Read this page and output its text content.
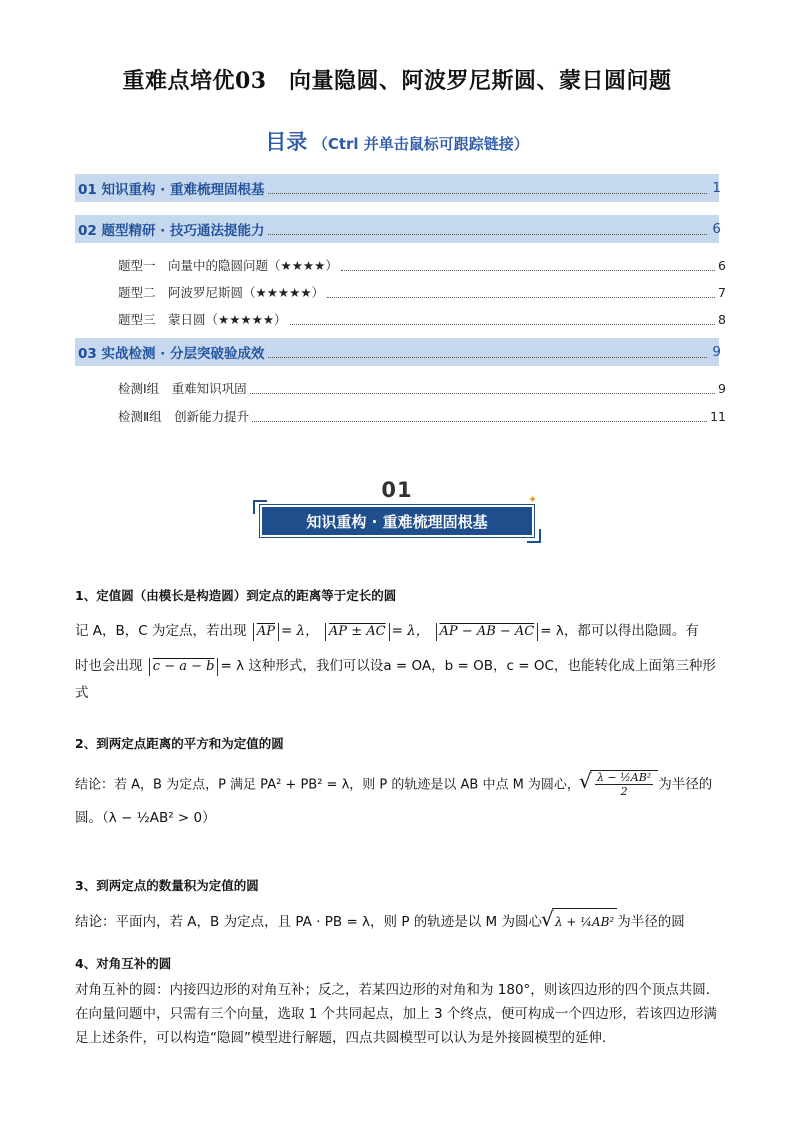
重难点培优03　向量隐圆、阿波罗尼斯圆、蒙日圆问题
目录 （Ctrl 并单击鼠标可跟踪链接）
01 知识重构 · 重难梳理固根基	1
02 题型精研 · 技巧通法提能力	6
题型一　向量中的隐圆问题（★★★★）	6
题型二　阿波罗尼斯圆（★★★★★）	7
题型三　蒙日圆（★★★★★）	8
03 实战检测 · 分层突破验成效	9
检测Ⅰ组　重难知识巩固	9
检测Ⅱ组　创新能力提升	11
01
知识重构 · 重难梳理固根基
✦
1、定值圆（由模长是构造圆）到定点的距离等于定长的圆
记 A，B，C 为定点，若出现 $\overline{AP} = \lambda$， AP ± AC = λ， AP − AB − AC = λ，都可以得出隐圆。有
时也会出现 c − a − b = λ 这种形式，我们可以设a = OA，b = OB，c = OC，也能转化成上面第三种形
式
2、到两定点距离的平方和为定值的圆
结论：若 A，B 为定点，P 满足 PA² + PB² = λ，则 P 的轨迹是以 AB 中点 M 为圆心， √ $\frac{\text{λ − ½AB²}}{2}$ 为半径的
圆。（λ − ½AB² > 0）
3、到两定点的数量积为定值的圆
结论：平面内，若 A，B 为定点，且 PA · PB = λ，则 P 的轨迹是以 M 为圆心 √ λ + ¼AB² 为半径的圆
4、对角互补的圆
对角互补的圆：内接四边形的对角互补；反之，若某四边形的对角和为 180°，则该四边形的四个顶点共圆．在向量问题中，只需有三个向量，选取 1 个共同起点，加上 3 个终点，便可构成一个四边形，若该四边形满足上述条件，可以构造“隐圆”模型进行解题，四点共圆模型可以认为是外接圆模型的延伸．
